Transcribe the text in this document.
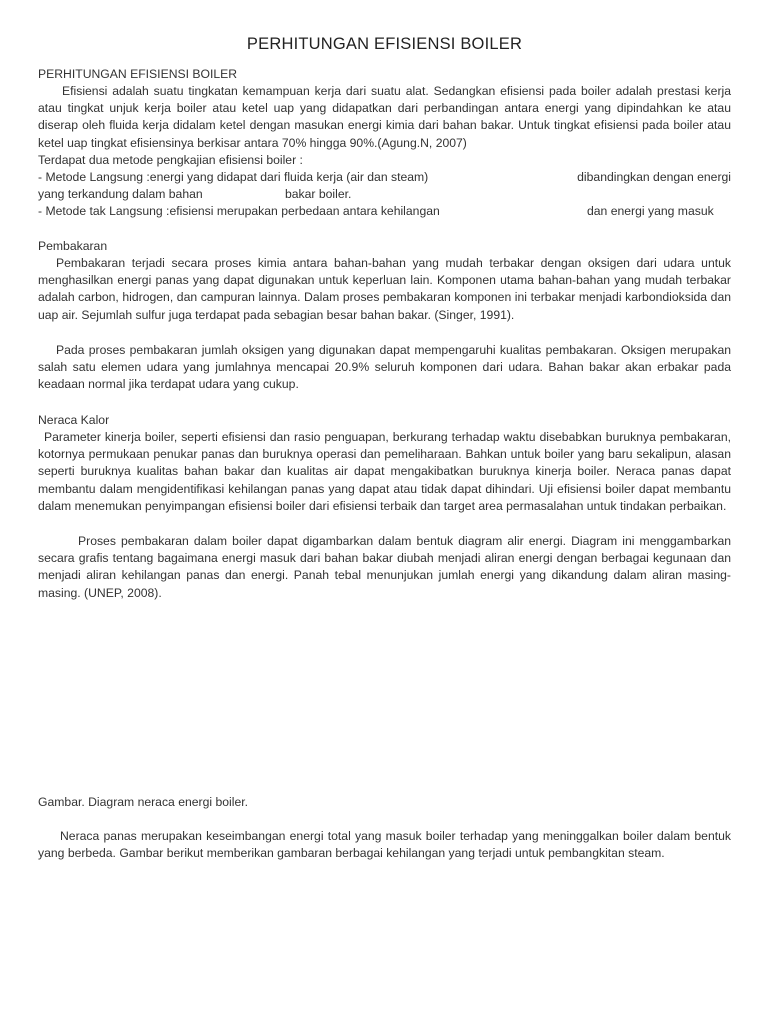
PERHITUNGAN EFISIENSI BOILER
PERHITUNGAN EFISIENSI BOILER

Efisiensi adalah suatu tingkatan kemampuan kerja dari suatu alat. Sedangkan efisiensi pada boiler adalah prestasi kerja atau tingkat unjuk kerja boiler atau ketel uap yang didapatkan dari perbandingan antara energi yang dipindahkan ke atau diserap oleh fluida kerja didalam ketel dengan masukan energi kimia dari bahan bakar. Untuk tingkat efisiensi pada boiler atau ketel uap tingkat efisiensinya berkisar antara 70% hingga 90%.(Agung.N, 2007)

Terdapat dua metode pengkajian efisiensi boiler :
- Metode Langsung :energi yang didapat dari fluida kerja (air dan steam)	dibandingkan dengan energi
yang terkandung dalam bahan	bakar boiler.
- Metode tak Langsung :efisiensi merupakan perbedaan antara kehilangan	dan energi yang masuk
Pembakaran

Pembakaran terjadi secara proses kimia antara bahan-bahan yang mudah terbakar dengan oksigen dari udara untuk menghasilkan energi panas yang dapat digunakan untuk keperluan lain. Komponen utama bahan-bahan yang mudah terbakar adalah carbon, hidrogen, dan campuran lainnya. Dalam proses pembakaran komponen ini terbakar menjadi karbondioksida dan uap air. Sejumlah sulfur juga terdapat pada sebagian besar bahan bakar. (Singer, 1991).

Pada proses pembakaran jumlah oksigen yang digunakan dapat mempengaruhi kualitas pembakaran. Oksigen merupakan salah satu elemen udara yang jumlahnya mencapai 20.9% seluruh komponen dari udara. Bahan bakar akan erbakar pada keadaan normal jika terdapat udara yang cukup.

Neraca Kalor

Parameter kinerja boiler, seperti efisiensi dan rasio penguapan, berkurang terhadap waktu disebabkan buruknya pembakaran, kotornya permukaan penukar panas dan buruknya operasi dan pemeliharaan. Bahkan untuk boiler yang baru sekalipun, alasan seperti buruknya kualitas bahan bakar dan kualitas air dapat mengakibatkan buruknya kinerja boiler. Neraca panas dapat membantu dalam mengidentifikasi kehilangan panas yang dapat atau tidak dapat dihindari. Uji efisiensi boiler dapat membantu dalam menemukan penyimpangan efisiensi boiler dari efisiensi terbaik dan target area permasalahan untuk tindakan perbaikan.

Proses pembakaran dalam boiler dapat digambarkan dalam bentuk diagram alir energi. Diagram ini menggambarkan secara grafis tentang bagaimana energi masuk dari bahan bakar diubah menjadi aliran energi dengan berbagai kegunaan dan menjadi aliran kehilangan panas dan energi. Panah tebal menunjukan jumlah energi yang dikandung dalam aliran masing-masing. (UNEP, 2008).

Gambar. Diagram neraca energi boiler.

Neraca panas merupakan keseimbangan energi total yang masuk boiler terhadap yang meninggalkan boiler dalam bentuk yang berbeda. Gambar berikut memberikan gambaran berbagai kehilangan yang terjadi untuk pembangkitan steam.
